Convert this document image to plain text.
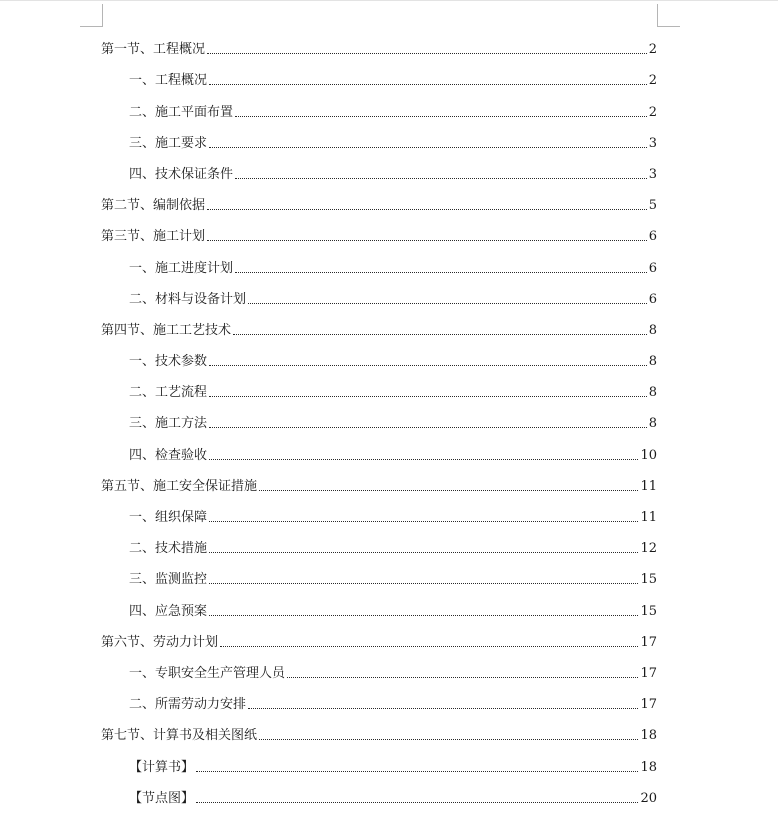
第一节、工程概况	2
一、工程概况	2
二、施工平面布置	2
三、施工要求	3
四、技术保证条件	3
第二节、编制依据	5
第三节、施工计划	6
一、施工进度计划	6
二、材料与设备计划	6
第四节、施工工艺技术	8
一、技术参数	8
二、工艺流程	8
三、施工方法	8
四、检查验收	10
第五节、施工安全保证措施	11
一、组织保障	11
二、技术措施	12
三、监测监控	15
四、应急预案	15
第六节、劳动力计划	17
一、专职安全生产管理人员	17
二、所需劳动力安排	17
第七节、计算书及相关图纸	18
【计算书】	18
【节点图】	20
